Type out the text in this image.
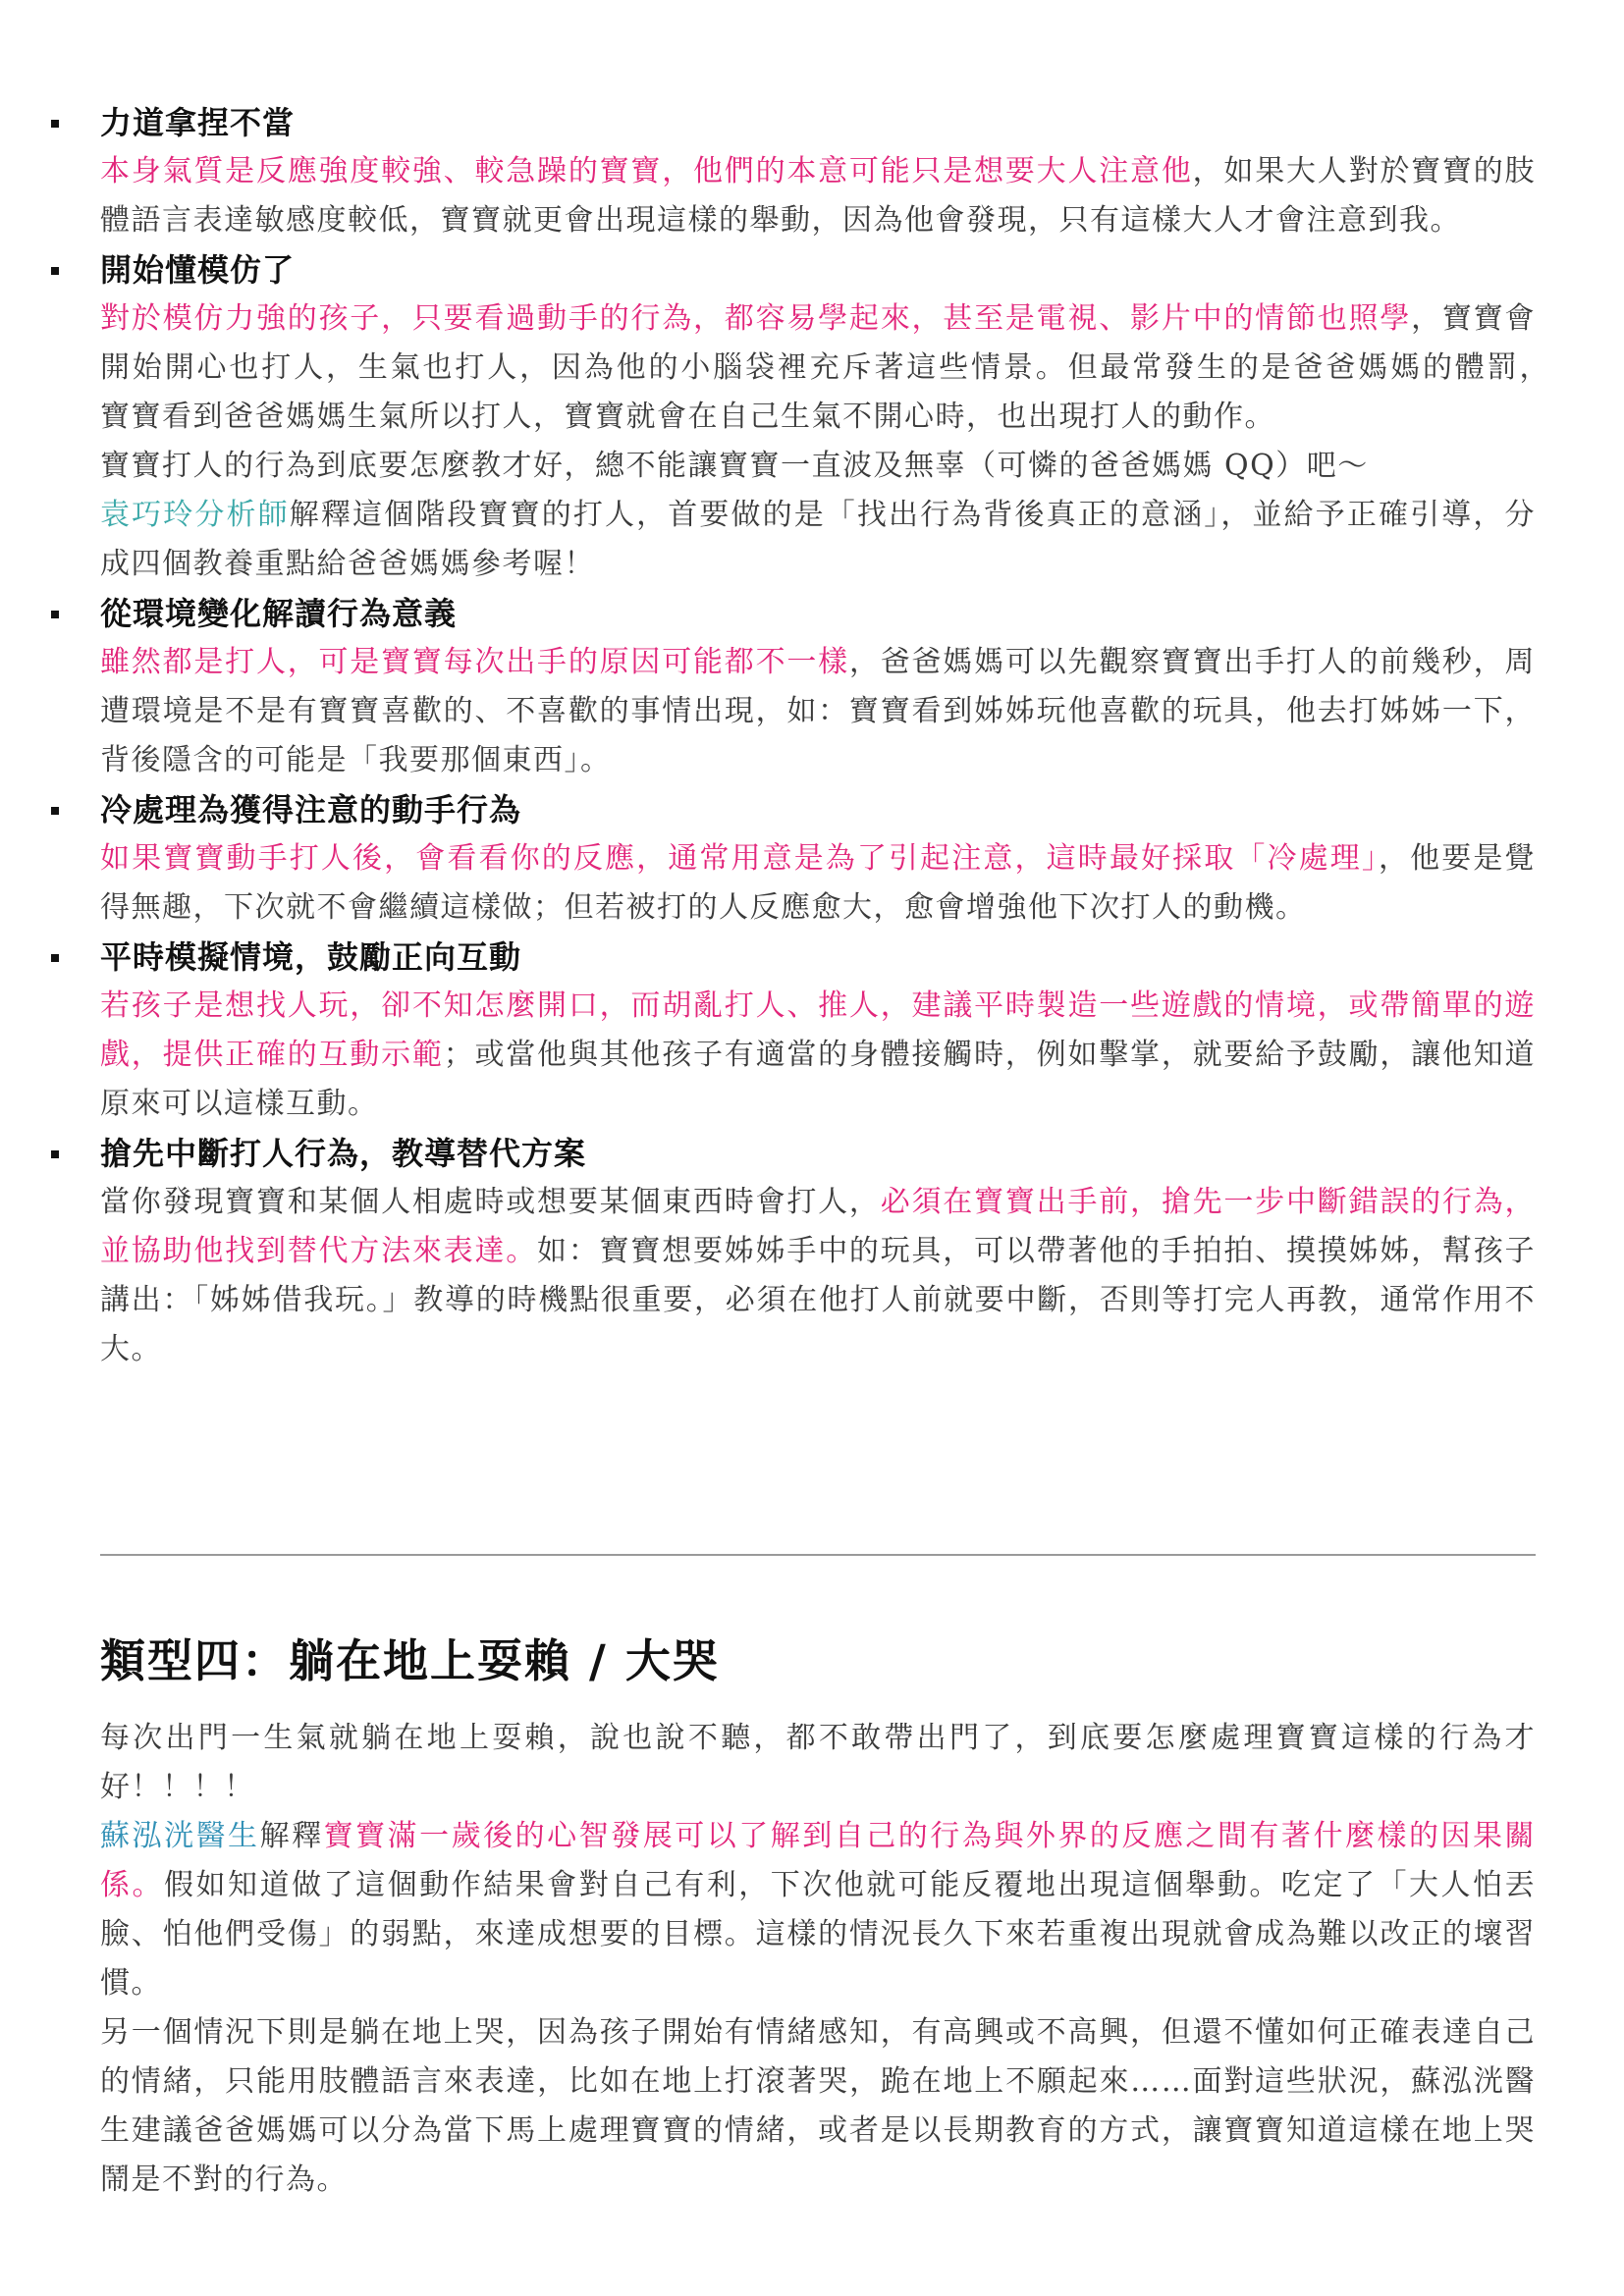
力道拿捏不當

本身氣質是反應強度較強、較急躁的寶寶，他們的本意可能只是想要大人注意他，如果大人對於寶寶的肢體語言表達敏感度較低，寶寶就更會出現這樣的舉動，因為他會發現，只有這樣大人才會注意到我。

開始懂模仿了

對於模仿力強的孩子，只要看過動手的行為，都容易學起來，甚至是電視、影片中的情節也照學，寶寶會開始開心也打人，生氣也打人，因為他的小腦袋裡充斥著這些情景。但最常發生的是爸爸媽媽的體罰，　寶寶看到爸爸媽媽生氣所以打人，寶寶就會在自己生氣不開心時，也出現打人的動作。

寶寶打人的行為到底要怎麼教才好，總不能讓寶寶一直波及無辜（可憐的爸爸媽媽 QQ）吧～
袁巧玲分析師解釋這個階段寶寶的打人，首要做的是「找出行為背後真正的意涵」，並給予正確引導，分成四個教養重點給爸爸媽媽參考喔！

從環境變化解讀行為意義

雖然都是打人，可是寶寶每次出手的原因可能都不一樣，爸爸媽媽可以先觀察寶寶出手打人的前幾秒，周遭環境是不是有寶寶喜歡的、不喜歡的事情出現，如：寶寶看到姊姊玩他喜歡的玩具，他去打姊姊一下，背後隱含的可能是「我要那個東西」。

冷處理為獲得注意的動手行為

如果寶寶動手打人後，會看看你的反應，通常用意是為了引起注意，這時最好採取「冷處理」，他要是覺得無趣，下次就不會繼續這樣做；但若被打的人反應愈大，愈會增強他下次打人的動機。

平時模擬情境，鼓勵正向互動

若孩子是想找人玩，卻不知怎麼開口，而胡亂打人、推人，建議平時製造一些遊戲的情境，或帶簡單的遊戲，提供正確的互動示範；或當他與其他孩子有適當的身體接觸時，例如擊掌，就要給予鼓勵，讓他知道原來可以這樣互動。

搶先中斷打人行為，教導替代方案

當你發現寶寶和某個人相處時或想要某個東西時會打人，必須在寶寶出手前，搶先一步中斷錯誤的行為，並協助他找到替代方法來表達。如：寶寶想要姊姊手中的玩具，可以帶著他的手拍拍、摸摸姊姊，幫孩子講出：「姊姊借我玩。」教導的時機點很重要，必須在他打人前就要中斷，否則等打完人再教，通常作用不大。

類型四：躺在地上耍賴 / 大哭

每次出門一生氣就躺在地上耍賴，說也說不聽，都不敢帶出門了，到底要怎麼處理寶寶這樣的行為才好！！！！

蘇泓洸醫生解釋寶寶滿一歲後的心智發展可以了解到自己的行為與外界的反應之間有著什麼樣的因果關係。假如知道做了這個動作結果會對自己有利，下次他就可能反覆地出現這個舉動。吃定了「大人怕丟臉、怕他們受傷」的弱點，來達成想要的目標。這樣的情況長久下來若重複出現就會成為難以改正的壞習慣。

另一個情況下則是躺在地上哭，因為孩子開始有情緒感知，有高興或不高興，但還不懂如何正確表達自己的情緒，只能用肢體語言來表達，比如在地上打滾著哭，跪在地上不願起來……面對這些狀況，蘇泓洸醫生建議爸爸媽媽可以分為當下馬上處理寶寶的情緒，或者是以長期教育的方式，讓寶寶知道這樣在地上哭鬧是不對的行為。
